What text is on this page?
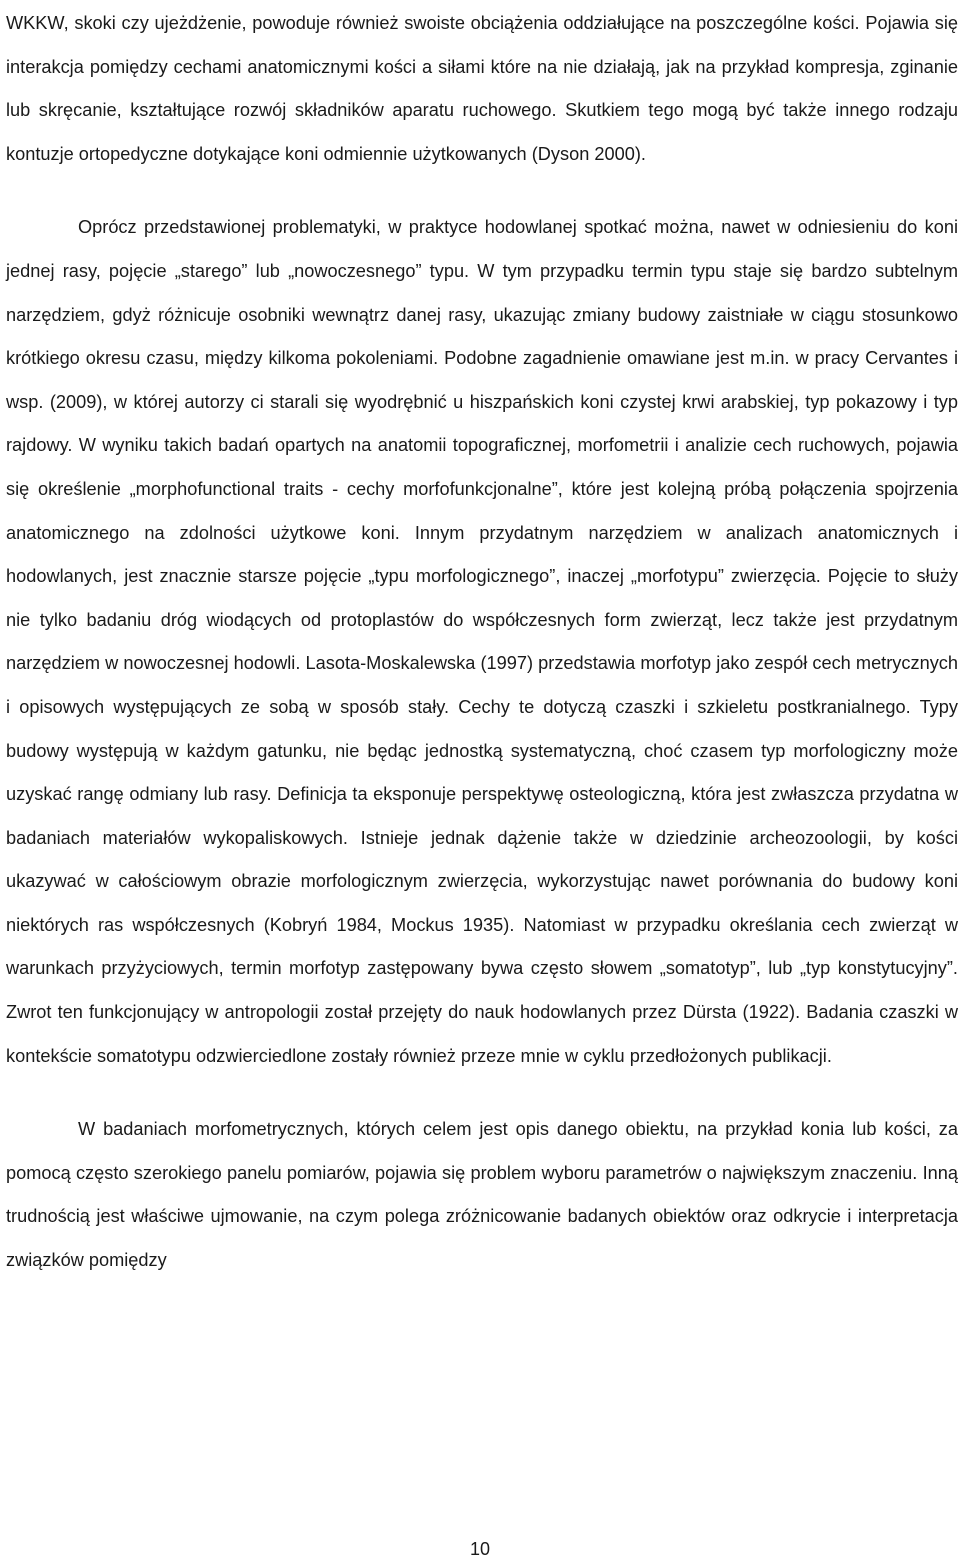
WKKW, skoki czy ujeżdżenie, powoduje również swoiste obciążenia oddziałujące na poszczególne kości. Pojawia się interakcja pomiędzy cechami anatomicznymi kości a siłami które na nie działają, jak na przykład kompresja, zginanie lub skręcanie, kształtujące rozwój składników aparatu ruchowego. Skutkiem tego mogą być także innego rodzaju kontuzje ortopedyczne dotykające koni odmiennie użytkowanych (Dyson 2000).

Oprócz przedstawionej problematyki, w praktyce hodowlanej spotkać można, nawet w odniesieniu do koni jednej rasy, pojęcie „starego” lub „nowoczesnego” typu. W tym przypadku termin typu staje się bardzo subtelnym narzędziem, gdyż różnicuje osobniki wewnątrz danej rasy, ukazując zmiany budowy zaistniałe w ciągu stosunkowo krótkiego okresu czasu, między kilkoma pokoleniami. Podobne zagadnienie omawiane jest m.in. w pracy Cervantes i wsp. (2009), w której autorzy ci starali się wyodrębnić u hiszpańskich koni czystej krwi arabskiej, typ pokazowy i typ rajdowy. W wyniku takich badań opartych na anatomii topograficznej, morfometrii i analizie cech ruchowych, pojawia się określenie „morphofunctional traits - cechy morfofunkcjonalne”, które jest kolejną próbą połączenia spojrzenia anatomicznego na zdolności użytkowe koni. Innym przydatnym narzędziem w analizach anatomicznych i hodowlanych, jest znacznie starsze pojęcie „typu morfologicznego”, inaczej „morfotypu” zwierzęcia. Pojęcie to służy nie tylko badaniu dróg wiodących od protoplastów do współczesnych form zwierząt, lecz także jest przydatnym narzędziem w nowoczesnej hodowli. Lasota-Moskalewska (1997) przedstawia morfotyp jako zespół cech metrycznych i opisowych występujących ze sobą w sposób stały. Cechy te dotyczą czaszki i szkieletu postkranialnego. Typy budowy występują w każdym gatunku, nie będąc jednostką systematyczną, choć czasem typ morfologiczny może uzyskać rangę odmiany lub rasy. Definicja ta eksponuje perspektywę osteologiczną, która jest zwłaszcza przydatna w badaniach materiałów wykopaliskowych. Istnieje jednak dążenie także w dziedzinie archeozoologii, by kości ukazywać w całościowym obrazie morfologicznym zwierzęcia, wykorzystując nawet porównania do budowy koni niektórych ras współczesnych (Kobryń 1984, Mockus 1935). Natomiast w przypadku określania cech zwierząt w warunkach przyżyciowych, termin morfotyp zastępowany bywa często słowem „somatotyp”, lub „typ konstytucyjny”. Zwrot ten funkcjonujący w antropologii został przejęty do nauk hodowlanych przez Dürsta (1922). Badania czaszki w kontekście somatotypu odzwierciedlone zostały również przeze mnie w cyklu przedłożonych publikacji.

W badaniach morfometrycznych, których celem jest opis danego obiektu, na przykład konia lub kości, za pomocą często szerokiego panelu pomiarów, pojawia się problem wyboru parametrów o największym znaczeniu. Inną trudnością jest właściwe ujmowanie, na czym polega zróżnicowanie badanych obiektów oraz odkrycie i interpretacja związków pomiędzy

10
